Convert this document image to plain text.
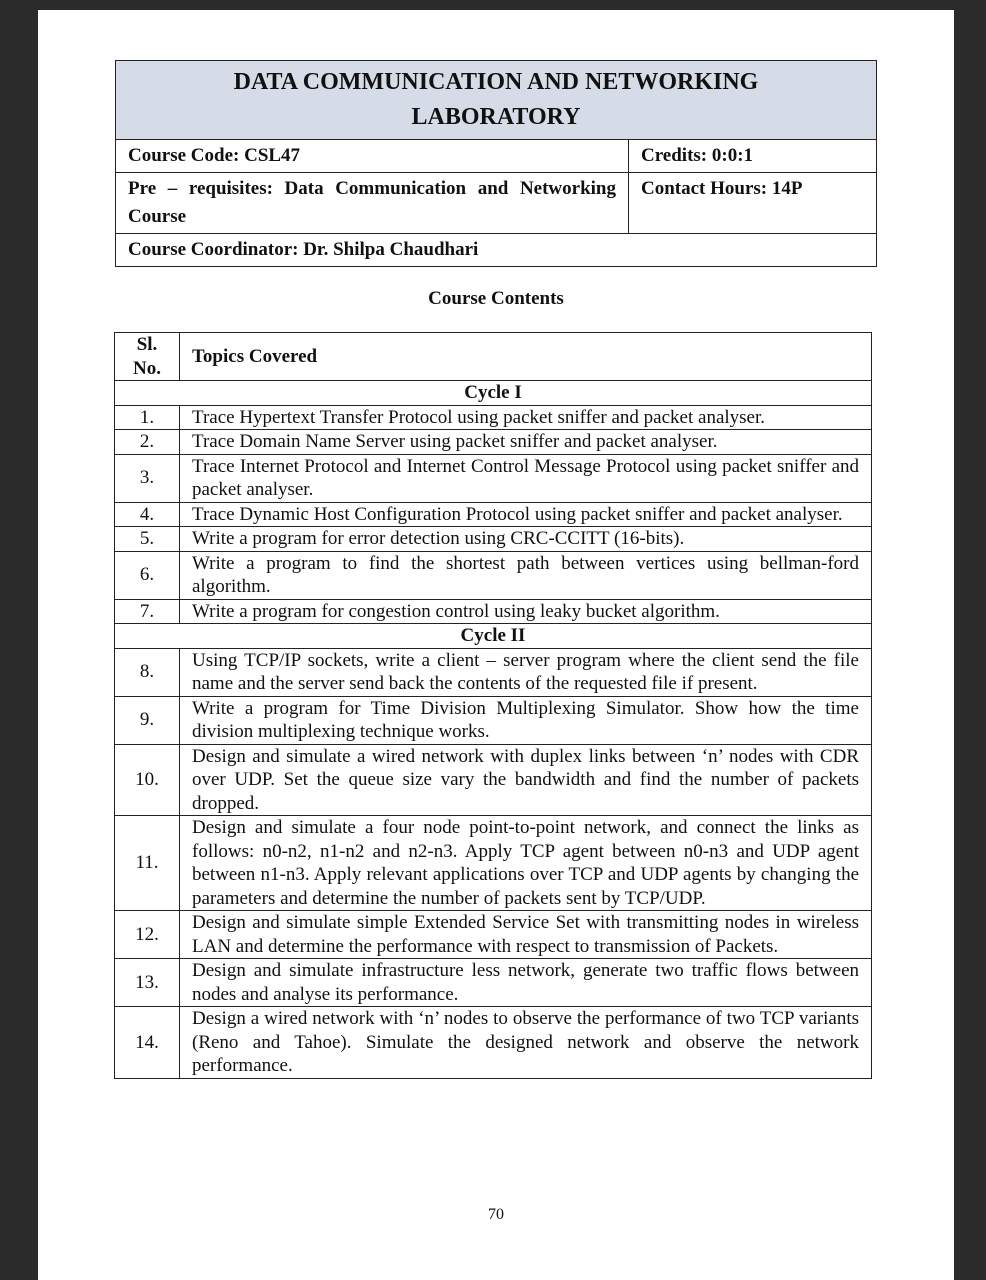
DATA COMMUNICATION AND NETWORKING
LABORATORY	

Course Code: CSL47	Credits: 0:0:1
Pre – requisites: Data Communication and Networking Course	Contact Hours: 14P
Course Coordinator: Dr. Shilpa Chaudhari	
Course Contents
Sl. No.	Topics Covered
Cycle I	
1.	Trace Hypertext Transfer Protocol using packet sniffer and packet analyser.
2.	Trace Domain Name Server using packet sniffer and packet analyser.
3.	Trace Internet Protocol and Internet Control Message Protocol using packet sniffer and packet analyser.
4.	Trace Dynamic Host Configuration Protocol using packet sniffer and packet analyser.
5.	Write a program for error detection using CRC-CCITT (16-bits).
6.	Write a program to find the shortest path between vertices using bellman-ford algorithm.
7.	Write a program for congestion control using leaky bucket algorithm.
Cycle II	
8.	Using TCP/IP sockets, write a client – server program where the client send the file name and the server send back the contents of the requested file if present.
9.	Write a program for Time Division Multiplexing Simulator. Show how the time division multiplexing technique works.
10.	Design and simulate a wired network with duplex links between ‘n’ nodes with CDR over UDP. Set the queue size vary the bandwidth and find the number of packets dropped.
11.	Design and simulate a four node point-to-point network, and connect the links as follows: n0-n2, n1-n2 and n2-n3. Apply TCP agent between n0-n3 and UDP agent between n1-n3. Apply relevant applications over TCP and UDP agents by changing the parameters and determine the number of packets sent by TCP/UDP.
12.	Design and simulate simple Extended Service Set with transmitting nodes in wireless LAN and determine the performance with respect to transmission of Packets.
13.	Design and simulate infrastructure less network, generate two traffic flows between nodes and analyse its performance.
14.	Design a wired network with ‘n’ nodes to observe the performance of two TCP variants (Reno and Tahoe). Simulate the designed network and observe the network performance.
70
